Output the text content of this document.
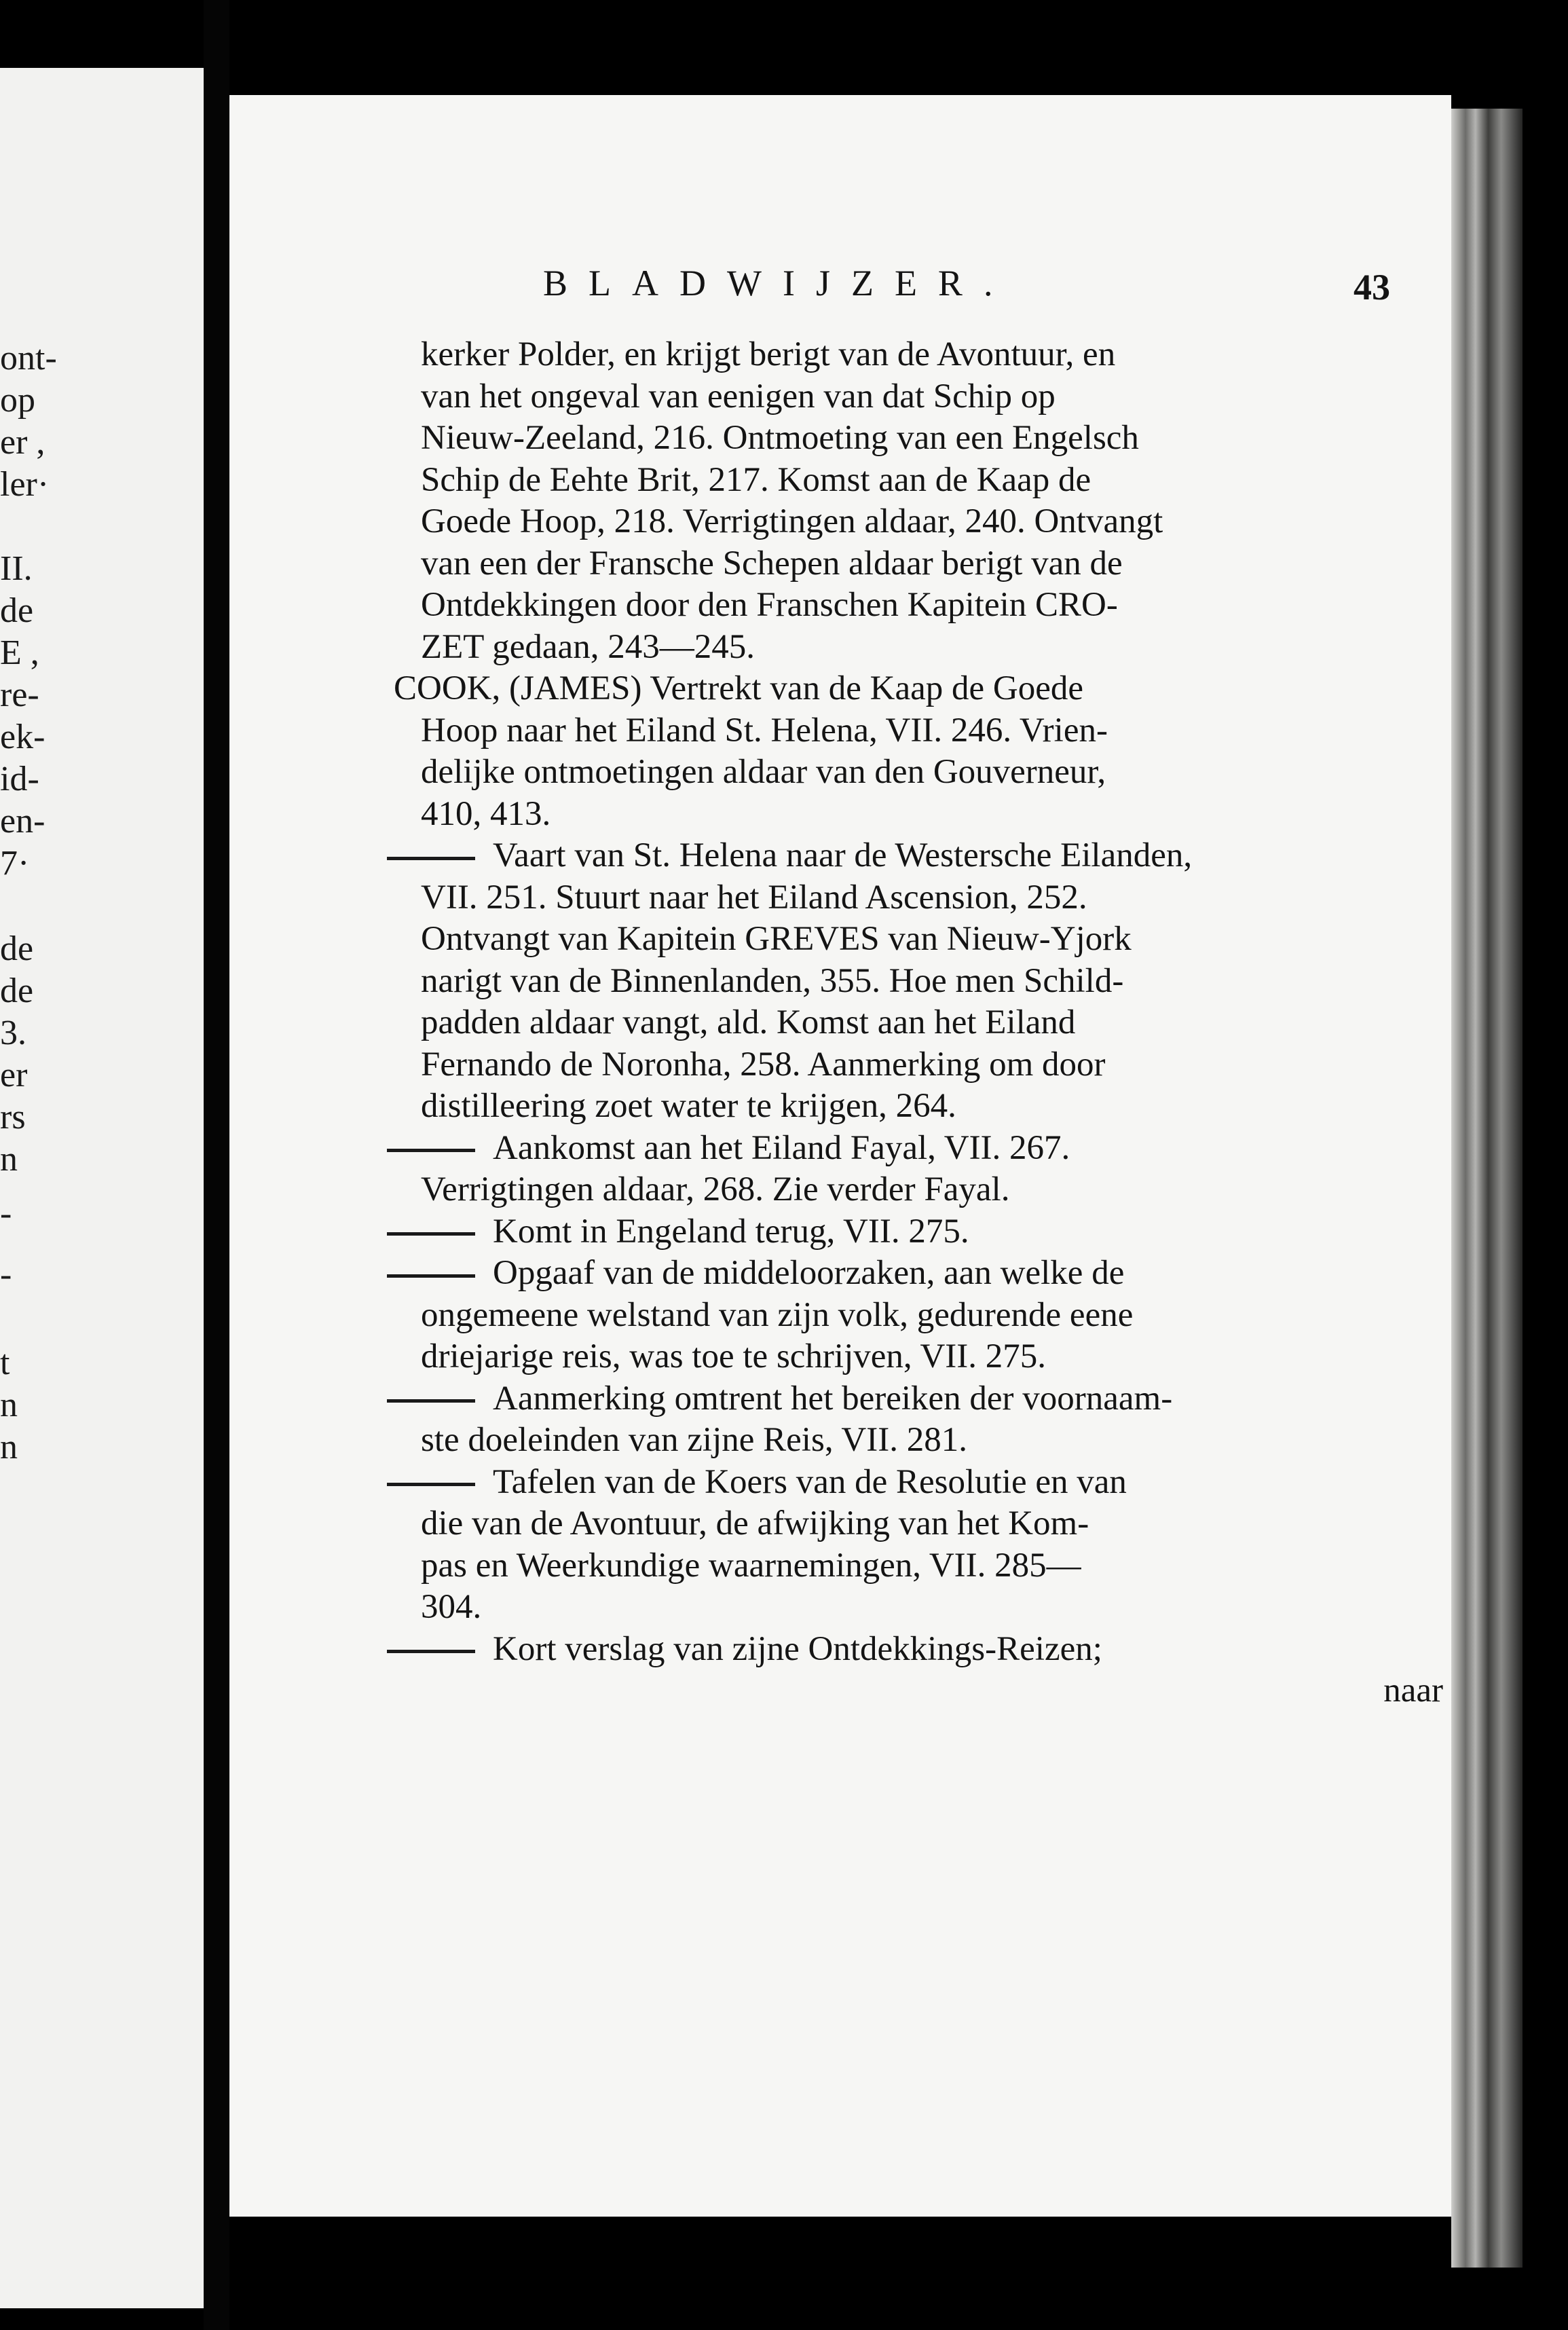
ont-
op
er ,
ler·
II.
de
E ,
re-
ek-
id-
en-
7·
de
de
3.
er
rs
n
-
-
t
n
n
BLADWIJZER.	43
kerker Polder, en krijgt berigt van de Avontuur, en
van het ongeval van eenigen van dat Schip op
Nieuw-Zeeland, 216. Ontmoeting van een Engelsch
Schip de Eehte Brit, 217. Komst aan de Kaap de
Goede Hoop, 218. Verrigtingen aldaar, 240. Ontvangt
van een der Fransche Schepen aldaar berigt van de
Ontdekkingen door den Franschen Kapitein CRO-
ZET gedaan, 243—245.
COOK, (JAMES) Vertrekt van de Kaap de Goede
Hoop naar het Eiland St. Helena, VII. 246. Vrien-
delijke ontmoetingen aldaar van den Gouverneur,
410, 413.
Vaart van St. Helena naar de Westersche Eilanden,
VII. 251. Stuurt naar het Eiland Ascension, 252.
Ontvangt van Kapitein GREVES van Nieuw-Yjork
narigt van de Binnenlanden, 355. Hoe men Schild-
padden aldaar vangt, ald. Komst aan het Eiland
Fernando de Noronha, 258. Aanmerking om door
distilleering zoet water te krijgen, 264.
Aankomst aan het Eiland Fayal, VII. 267.
Verrigtingen aldaar, 268. Zie verder Fayal.
Komt in Engeland terug, VII. 275.
Opgaaf van de middeloorzaken, aan welke de
ongemeene welstand van zijn volk, gedurende eene
driejarige reis, was toe te schrijven, VII. 275.
Aanmerking omtrent het bereiken der voornaam-
ste doeleinden van zijne Reis, VII. 281.
Tafelen van de Koers van de Resolutie en van
die van de Avontuur, de afwijking van het Kom-
pas en Weerkundige waarnemingen, VII. 285—
304.
Kort verslag van zijne Ontdekkings-Reizen;
naar
